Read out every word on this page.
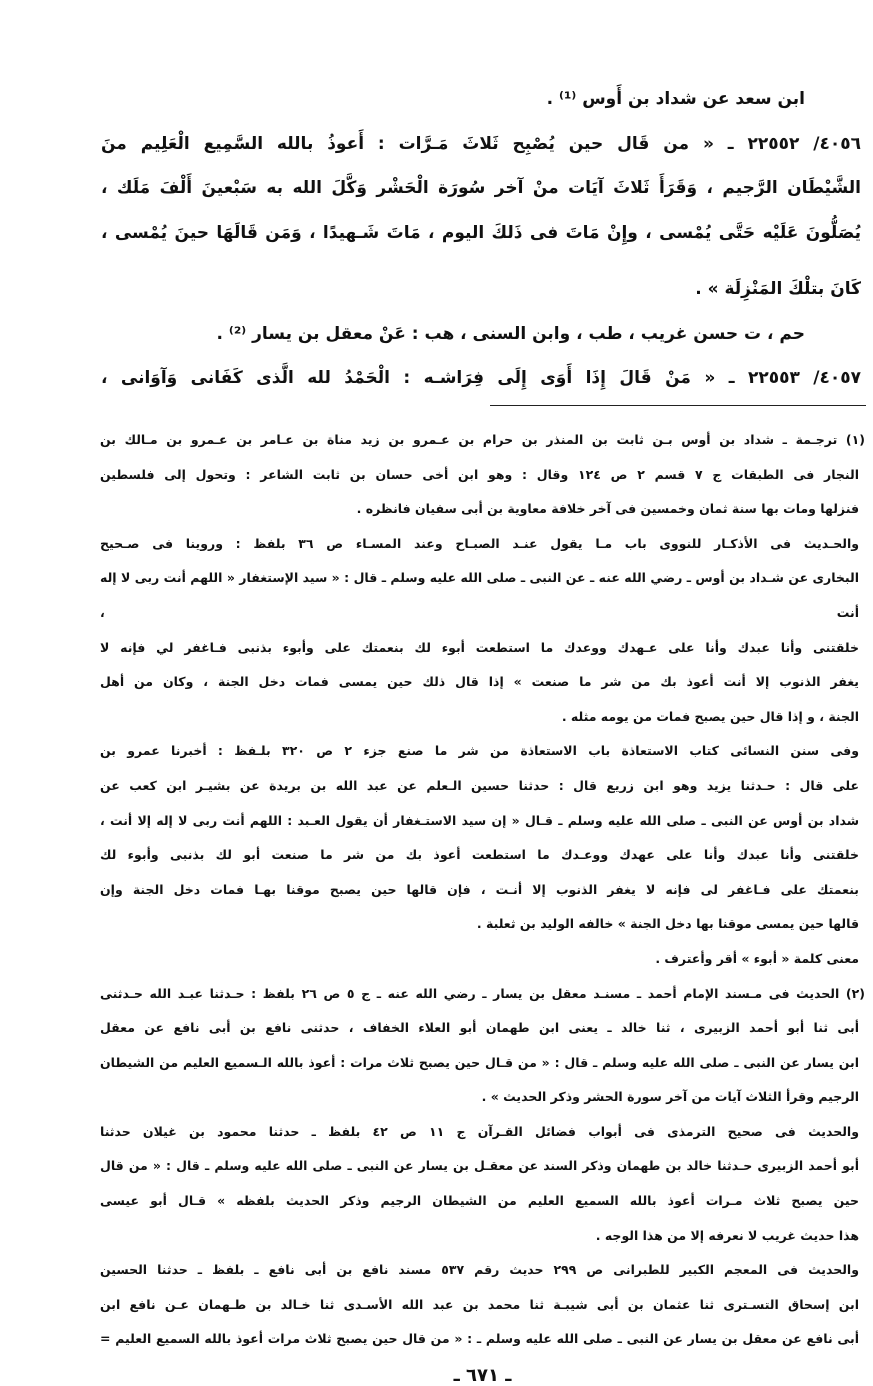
ابن سعد عن شداد بن أَوس ⁽¹⁾ .
٤٠٥٦/ ٢٢٥٥٢ ـ « من قَال حين يُصْبِح ثَلاثَ مَـرَّات : أَعوذُ بالله السَّمِيع الْعَلِيم منَ
الشَّيْطَان الرَّجيم ، وَقَرَأَ ثَلاثَ آيَات منْ آخر سُورَة الْحَشْر وَكَّلَ الله به سَبْعينَ أَلْفَ مَلَك ،
يُصَلُّونَ عَلَيْه حَتَّى يُمْسى ، وإِنْ مَاتَ فى ذَلكَ اليوم ، مَاتَ شَـهيدًا ، وَمَن قَالَهَا حينَ يُمْسى ،
كَانَ بتلْكَ المَنْزِلَة » .
حم ، ت حسن غريب ، طب ، وابن السنى ، هب : عَنْ معقل بن يسار ⁽²⁾ .
٤٠٥٧/ ٢٢٥٥٣ ـ « مَنْ قَالَ إِذَا أَوَى إِلَى فِرَاشـه : الْحَمْدُ لله الَّذى كَفَانى وَآوَانى ،
(١) ترجـمة ـ شداد بن أوس بـن ثابت بن المنذر بن حرام بن عـمرو بن زيد مناة بن عـامر بن عـمرو بن مـالك بن
النجار فى الطبقات ج ٧ قسم ٢ ص ١٢٤ وقال : وهو ابن أخى حسان بن ثابت الشاعر : وتحول إلى فلسطين
فنزلها ومات بها سنة ثمان وخمسين فى آخر خلافة معاوية بن أبى سفيان فانظره .
والحـديث فى الأذكـار للنووى باب مـا يقول عنـد الصبـاح وعند المسـاء ص ٣٦ بلفظ : وروينا فى صـحيح
البخارى عن شـداد بن أوس ـ رضي الله عنه ـ عن النبى ـ صلى الله عليه وسلم ـ قال : « سيد الإستغفار « اللهم أنت ربى لا إله أنت ،
خلقتنى وأنا عبدك وأنا على عـهدك ووعدك ما استطعت أبوء لك بنعمتك على وأبوء بذنبى فـاغفر لي فإنه لا
يغفر الذنوب إلا أنت أعوذ بك من شر ما صنعت » إذا قال ذلك حين يمسى فمات دخل الجنة ، وكان من أهل
الجنة ، و إذا قال حين يصبح فمات من يومه مثله .
وفى سنن النسائى كتاب الاستعاذة باب الاستعاذة من شر ما صنع جزء ٢ ص ٣٢٠ بلـفظ : أخبرنا عمرو بن
على قال : حـدثنا يزيد وهو ابن زريع قال : حدثنا حسين الـعلم عن عبد الله بن بريدة عن بشيـر ابن كعب عن
شداد بن أوس عن النبى ـ صلى الله عليه وسلم ـ قـال « إن سيد الاستـغفار أن يقول العـبد : اللهم أنت ربى لا إله إلا أنت ،
خلقتنى وأنا عبدك وأنا على عهدك ووعـدك ما استطعت أعوذ بك من شر ما صنعت أبو لك بذنبى وأبوء لك
بنعمتك على فـاغفر لى فإنه لا يغفر الذنوب إلا أنـت ، فإن قالها حين يصبح موقنا بهـا فمات دخل الجنة وإن
قالها حين يمسى موقنا بها دخل الجنة » خالفه الوليد بن ثعلبة .
معنى كلمة « أبوء » أقر وأعترف .
(٢) الحديث فى مـسند الإمام أحمد ـ مسنـد معقل بن يسار ـ رضي الله عنه ـ ج ٥ ص ٢٦ بلفظ : حـدثنا عبـد الله حـدثنى
أبى ثنا أبو أحمد الزبيرى ، ثنا خالد ـ يعنى ابن طهمان أبو العلاء الخفاف ، حدثنى نافع بن أبى نافع عن معقل
ابن يسار عن النبى ـ صلى الله عليه وسلم ـ قال : « من قـال حين يصبح ثلاث مرات : أعوذ بالله الـسميع العليم من الشيطان
الرجيم وقرأ الثلاث آيات من آخر سورة الحشر وذكر الحديث » .
والحديث فى صحيح الترمذى فى أبواب فضائل القـرآن ج ١١ ص ٤٢ بلفظ ـ حدثنا محمود بن غيلان حدثنا
أبو أحمد الزبيرى حـدثنا خالد بن طهمان وذكر السند عن معقـل بن يسار عن النبى ـ صلى الله عليه وسلم ـ قال : « من قال
حين يصبح ثلاث مـرات أعوذ بالله السميع العليم من الشيطان الرجيم وذكر الحديث بلفظه » قـال أبو عيسى
هذا حديث غريب لا نعرفه إلا من هذا الوجه .
والحديث فى المعجم الكبير للطبرانى ص ٢٩٩ حديث رقم ٥٣٧ مسند نافع بن أبى نافع ـ بلفظ ـ حدثنا الحسين
ابن إسحاق التسـترى ثنا عثمان بن أبى شيبـة ثنا محمد بن عبد الله الأسـدى ثنا خـالد بن طـهمان عـن نافع ابن
أبى نافع عن معقل بن يسار عن النبى ـ صلى الله عليه وسلم ـ : « من قال حين يصبح ثلاث مرات أعوذ بالله السميع العليم =
ـ ٦٧١ ـ
